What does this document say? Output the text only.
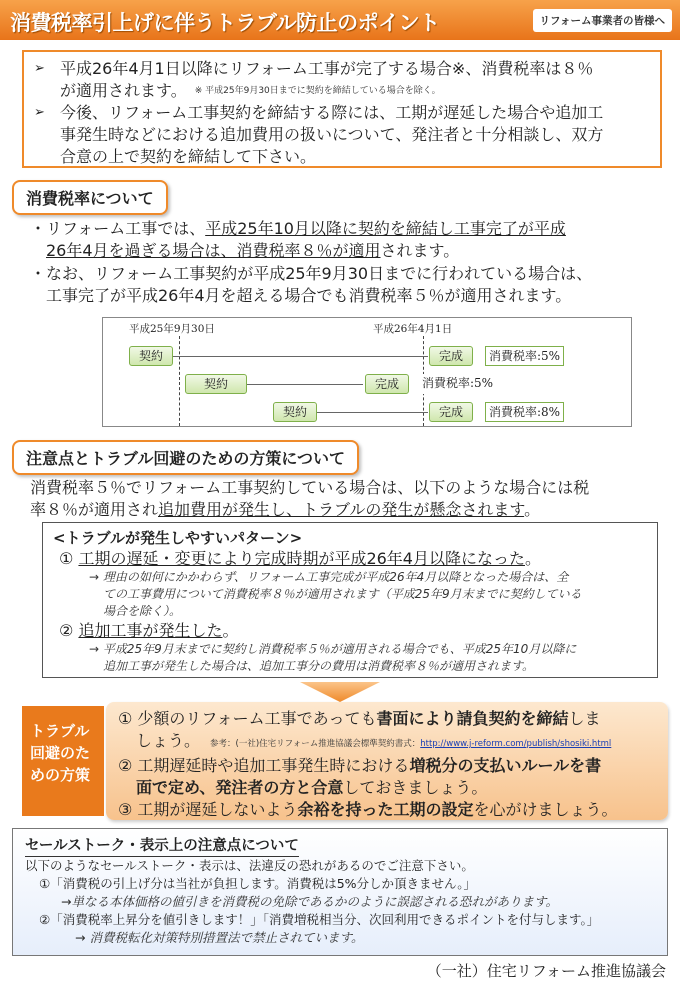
消費税率引上げに伴うトラブル防止のポイント	リフォーム事業者の皆様へ
➢ 平成26年4月1日以降にリフォーム工事が完了する場合※、消費税率は８％
が適用されます。 ※ 平成25年9月30日までに契約を締結している場合を除く。
➢ 今後、リフォーム工事契約を締結する際には、工期が遅延した場合や追加工
事発生時などにおける追加費用の扱いについて、発注者と十分相談し、双方
合意の上で契約を締結して下さい。
消費税率について
・リフォーム工事では、平成25年10月以降に契約を締結し工事完了が平成
26年4月を過ぎる場合は、消費税率８％が適用されます。
・なお、リフォーム工事契約が平成25年9月30日までに行われている場合は、
工事完了が平成26年4月を超える場合でも消費税率５％が適用されます。
平成25年9月30日	平成26年4月1日
契約	完成	消費税率:5%
契約	完成	消費税率:5%
契約	完成	消費税率:8%
注意点とトラブル回避のための方策について
消費税率５％でリフォーム工事契約している場合は、以下のような場合には税
率８％が適用され追加費用が発生し、トラブルの発生が懸念されます。
<トラブルが発生しやすいパターン>
① 工期の遅延・変更により完成時期が平成26年4月以降になった。
→ 理由の如何にかかわらず、リフォーム工事完成が平成26年4月以降となった場合は、全
ての工事費用について消費税率８％が適用されます（平成25年9月末までに契約している
場合を除く）。
② 追加工事が発生した。
→ 平成25年9月末までに契約し消費税率５％が適用される場合でも、平成25年10月以降に
追加工事が発生した場合は、追加工事分の費用は消費税率８％が適用されます。
トラブル
回避のた
めの方策
① 少額のリフォーム工事であっても書面により請負契約を締結しま
しょう。 参考：(一社)住宅リフォーム推進協議会標準契約書式：http://www.j-reform.com/publish/shosiki.html
② 工期遅延時や追加工事発生時における増税分の支払いルールを書
面で定め、発注者の方と合意しておきましょう。
③ 工期が遅延しないよう余裕を持った工期の設定を心がけましょう。
セールストーク・表示上の注意点について
以下のようなセールストーク・表示は、法違反の恐れがあるのでご注意下さい。
①「消費税の引上げ分は当社が負担します。消費税は5%分しか頂きません。」
→単なる本体価格の値引きを消費税の免除であるかのように誤認される恐れがあります。
②「消費税率上昇分を値引きします！」「消費増税相当分、次回利用できるポイントを付与します。」
→ 消費税転化対策特別措置法で禁止されています。
（一社）住宅リフォーム推進協議会
